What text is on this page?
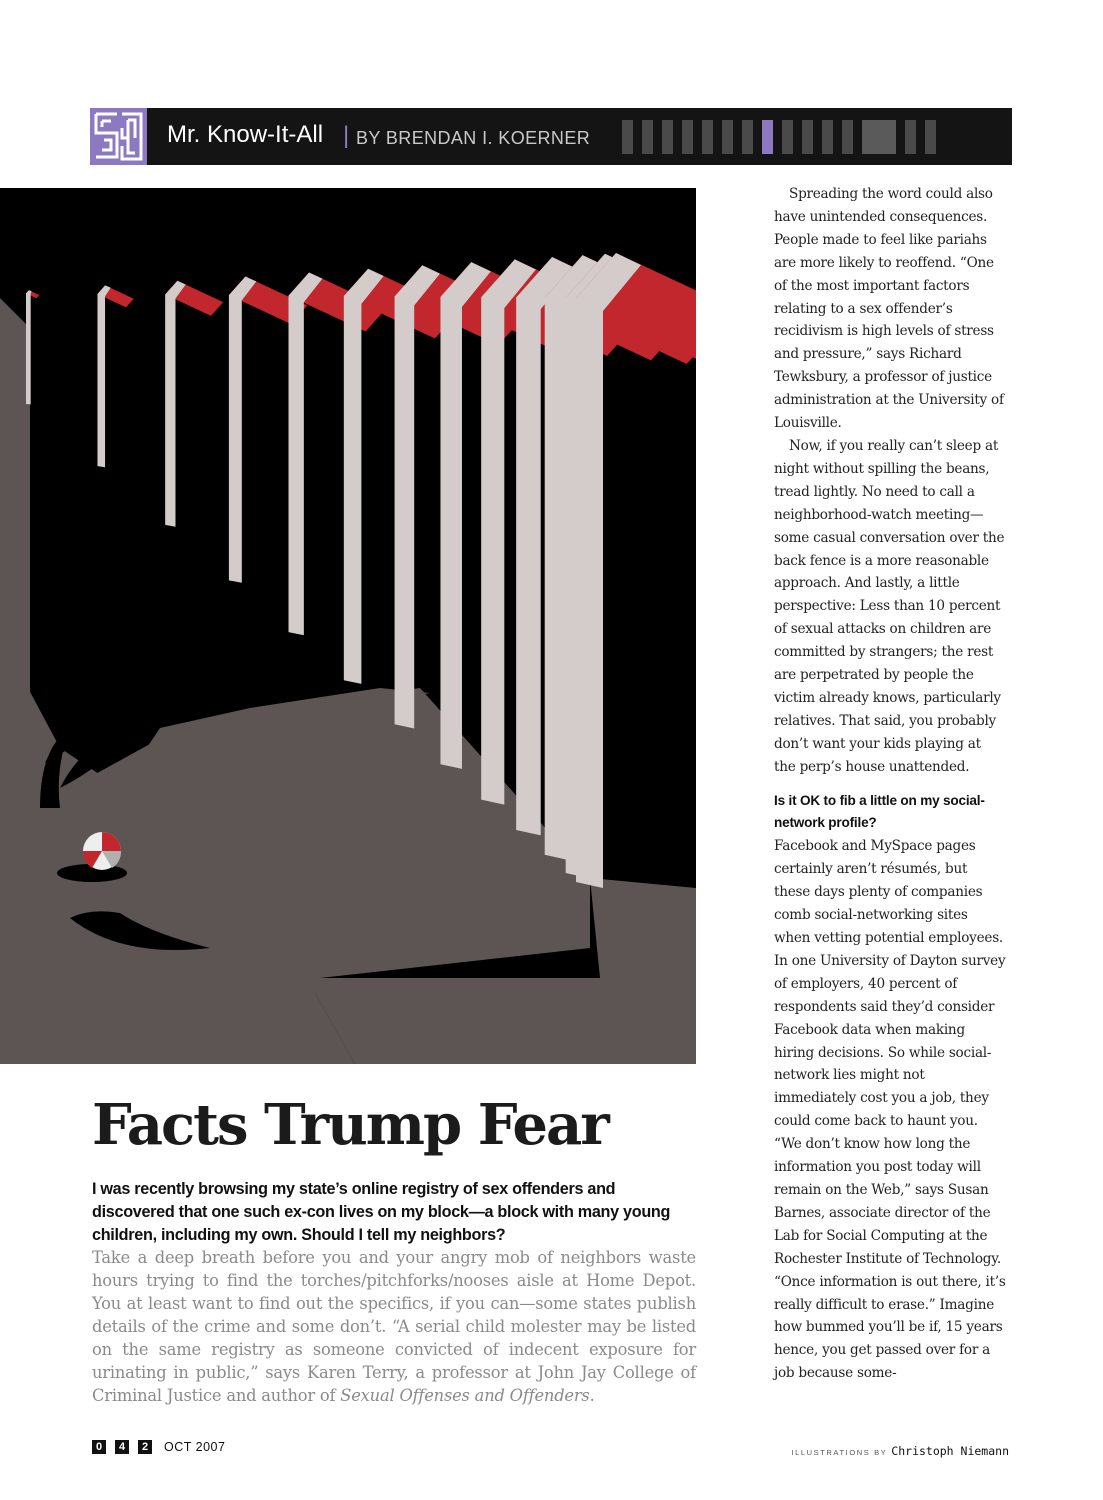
Mr. Know-It-All | BY BRENDAN I. KOERNER
Facts Trump Fear

I was recently browsing my state’s online registry of sex offenders and discovered that one such ex-con lives on my block—a block with many young children, including my own. Should I tell my neighbors?

Take a deep breath before you and your angry mob of neighbors waste hours trying to find the torches/pitchforks/nooses aisle at Home Depot. You at least want to find out the specifics, if you can—some states publish details of the crime and some don’t. “A serial child molester may be listed on the same registry as someone convicted of indecent exposure for urinating in public,” says Karen Terry, a professor at John Jay College of Criminal Justice and author of Sexual Offenses and Offenders.

Spreading the word could also have unintended consequences. People made to feel like pariahs are more likely to reoffend. “One of the most important factors relating to a sex offender’s recidivism is high levels of stress and pressure,” says Richard Tewksbury, a professor of justice administration at the University of Louisville.

Now, if you really can’t sleep at night without spilling the beans, tread lightly. No need to call a neighborhood-watch meeting—some casual conversation over the back fence is a more reasonable approach. And lastly, a little perspective: Less than 10 percent of sexual attacks on children are committed by strangers; the rest are perpetrated by people the victim already knows, particularly relatives. That said, you probably don’t want your kids playing at the perp’s house unattended.

Is it OK to fib a little on my social-network profile?

Facebook and MySpace pages certainly aren’t résumés, but these days plenty of companies comb social-networking sites when vetting potential employees. In one University of Dayton survey of employers, 40 percent of respondents said they’d consider Facebook data when making hiring decisions. So while social-network lies might not immediately cost you a job, they could come back to haunt you. “We don’t know how long the information you post today will remain on the Web,” says Susan Barnes, associate director of the Lab for Social Computing at the Rochester Institute of Technology. “Once information is out there, it’s really difficult to erase.” Imagine how bummed you’ll be if, 15 years hence, you get passed over for a job because some-

0	4	2	OCT 2007	ILLUSTRATIONS BY Christoph Niemann
